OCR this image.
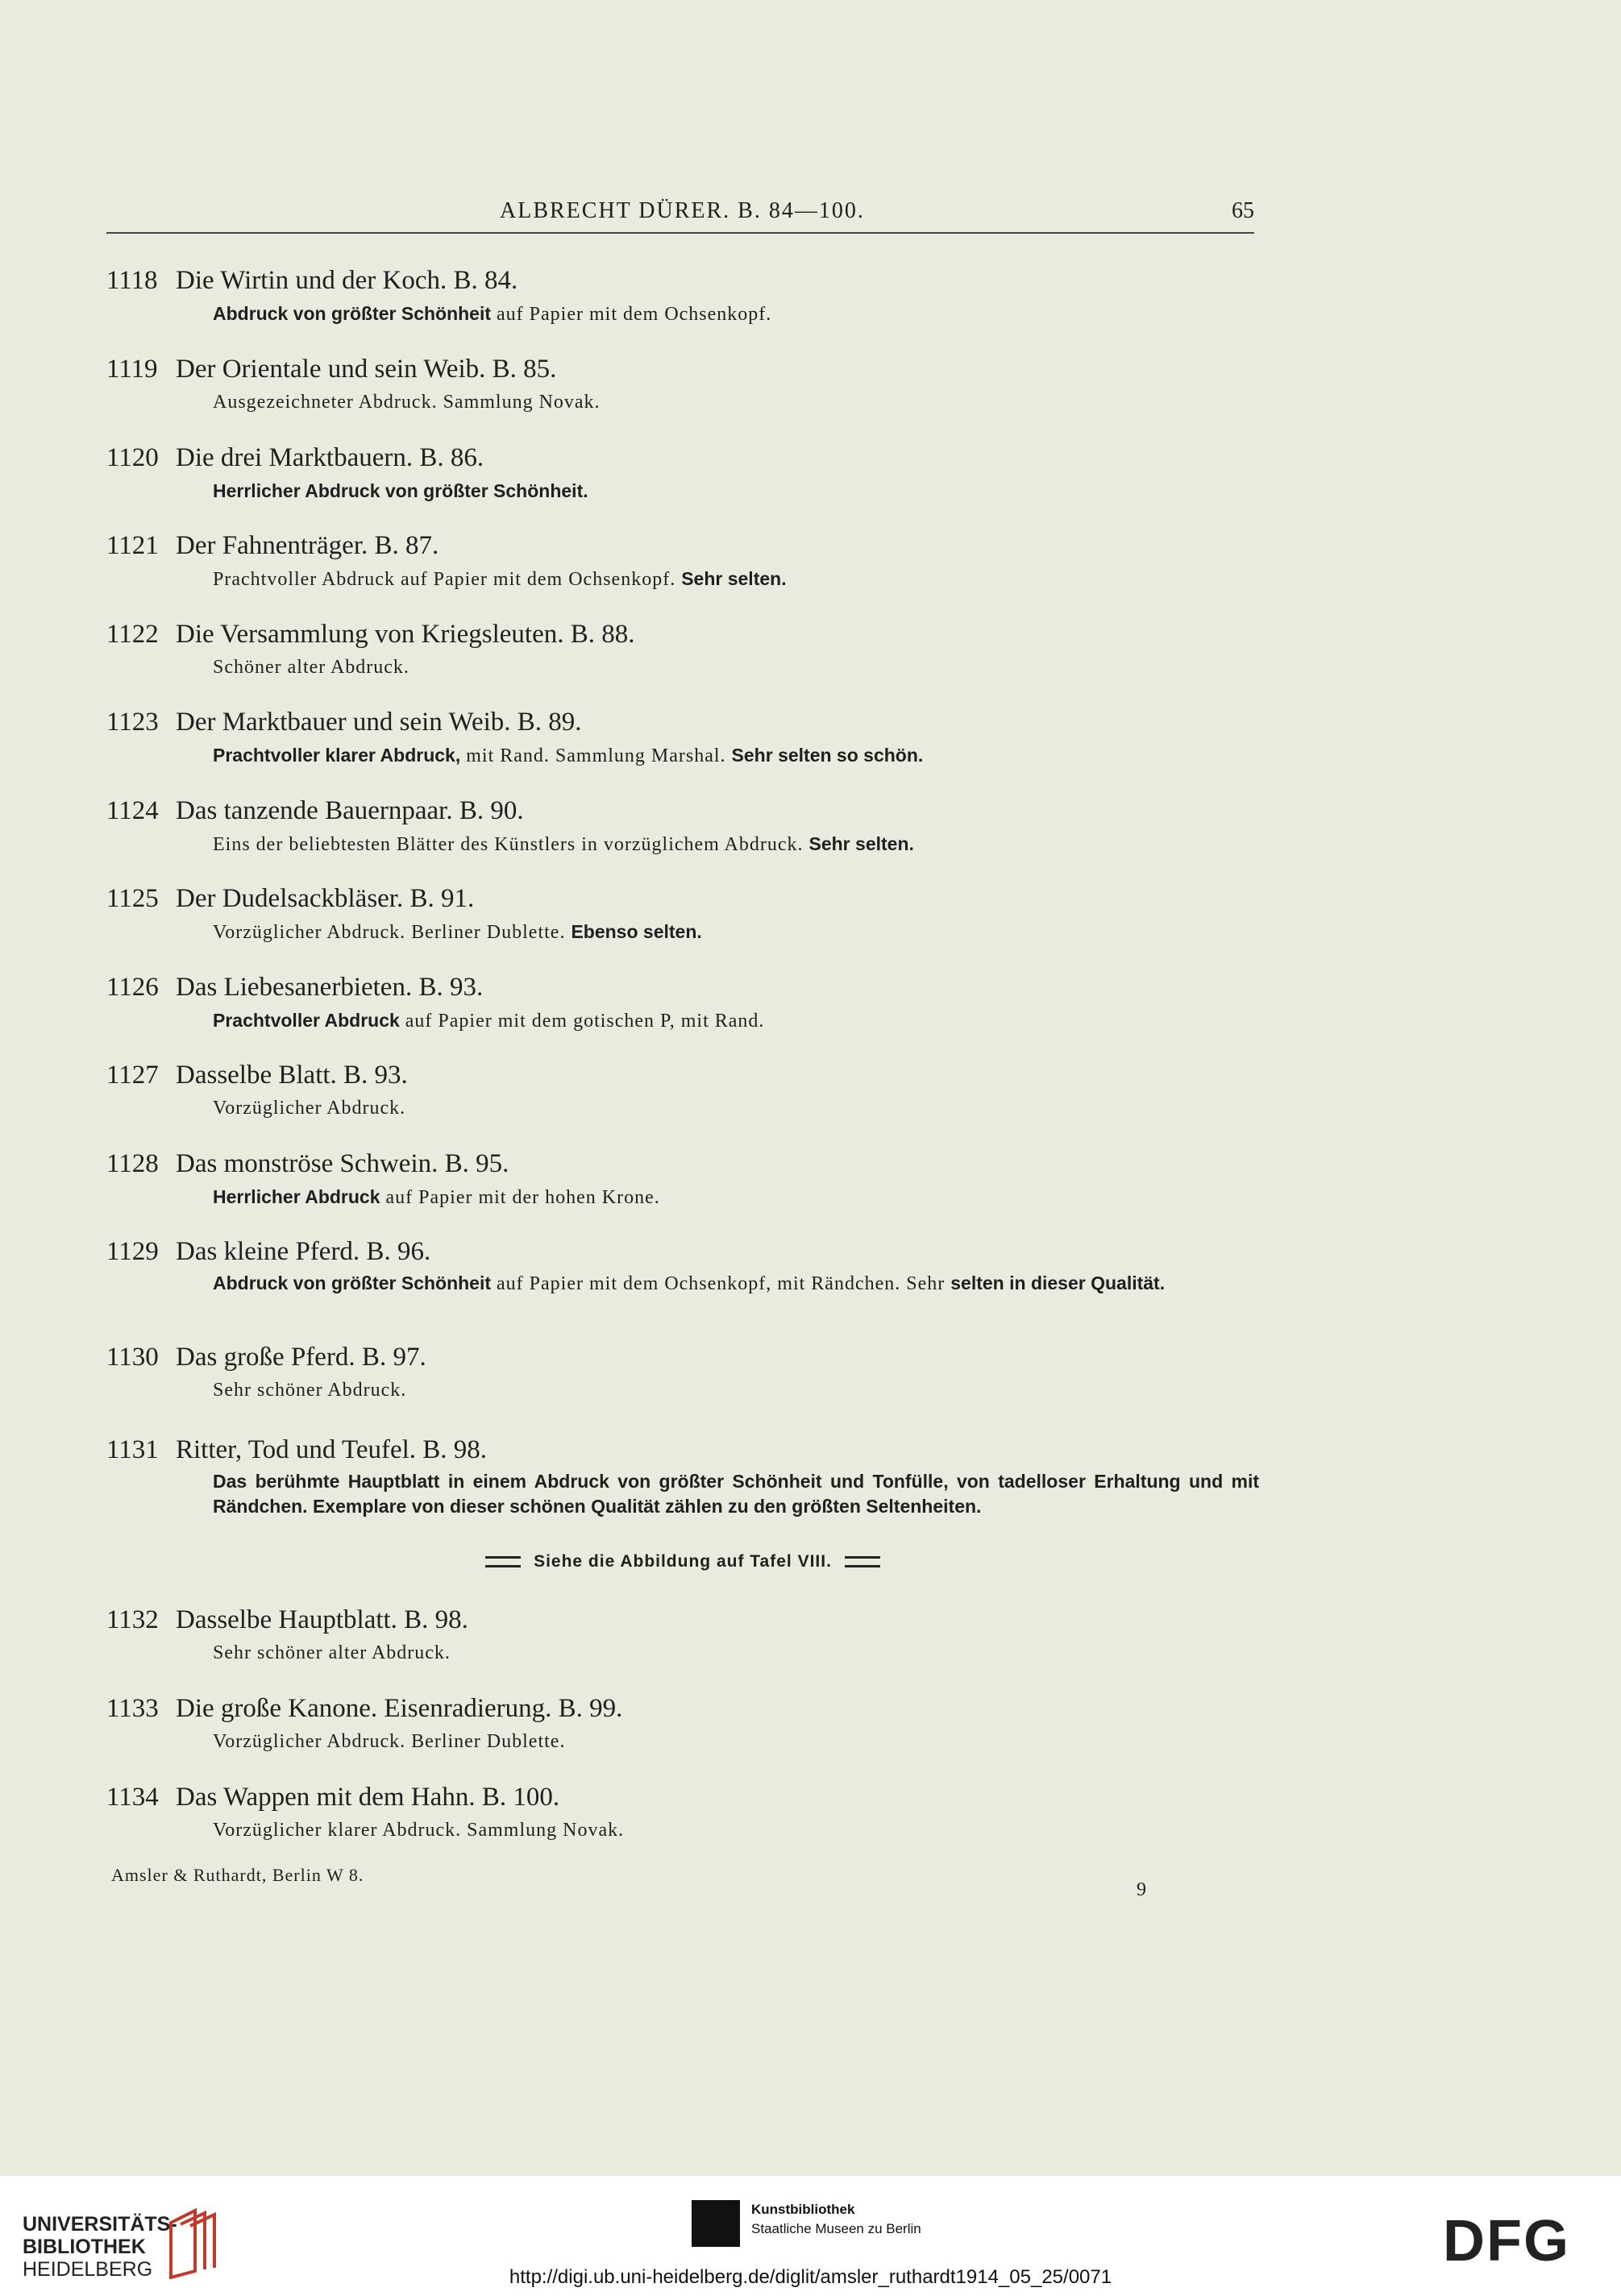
ALBRECHT DÜRER. B. 84—100.	65
1118 Die Wirtin und der Koch. B. 84.
Abdruck von größter Schönheit auf Papier mit dem Ochsenkopf.
1119 Der Orientale und sein Weib. B. 85.
Ausgezeichneter Abdruck. Sammlung Novak.
1120 Die drei Marktbauern. B. 86.
Herrlicher Abdruck von größter Schönheit.
1121 Der Fahnenträger. B. 87.
Prachtvoller Abdruck auf Papier mit dem Ochsenkopf. Sehr selten.
1122 Die Versammlung von Kriegsleuten. B. 88.
Schöner alter Abdruck.
1123 Der Marktbauer und sein Weib. B. 89.
Prachtvoller klarer Abdruck, mit Rand. Sammlung Marshal. Sehr selten so schön.
1124 Das tanzende Bauernpaar. B. 90.
Eins der beliebtesten Blätter des Künstlers in vorzüglichem Abdruck. Sehr selten.
1125 Der Dudelsackbläser. B. 91.
Vorzüglicher Abdruck. Berliner Dublette. Ebenso selten.
1126 Das Liebesanerbieten. B. 93.
Prachtvoller Abdruck auf Papier mit dem gotischen P, mit Rand.
1127 Dasselbe Blatt. B. 93.
Vorzüglicher Abdruck.
1128 Das monströse Schwein. B. 95.
Herrlicher Abdruck auf Papier mit der hohen Krone.
1129 Das kleine Pferd. B. 96.
Abdruck von größter Schönheit auf Papier mit dem Ochsenkopf, mit Rändchen. Sehr selten in dieser Qualität.
1130 Das große Pferd. B. 97.
Sehr schöner Abdruck.
1131 Ritter, Tod und Teufel. B. 98.
Das berühmte Hauptblatt in einem Abdruck von größter Schönheit und Tonfülle, von tadelloser Erhaltung und mit Rändchen. Exemplare von dieser schönen Qualität zählen zu den größten Seltenheiten.
1132 Dasselbe Hauptblatt. B. 98.
Sehr schöner alter Abdruck.
1133 Die große Kanone. Eisenradierung. B. 99.
Vorzüglicher Abdruck. Berliner Dublette.
1134 Das Wappen mit dem Hahn. B. 100.
Vorzüglicher klarer Abdruck. Sammlung Novak.
Siehe die Abbildung auf Tafel VIII.
Amsler & Ruthardt, Berlin W 8.
9
UNIVERSITÄTS-
BIBLIOTHEK
HEIDELBERG
Kunstbibliothek
Staatliche Museen zu Berlin	DFG
http://digi.ub.uni-heidelberg.de/diglit/amsler_ruthardt1914_05_25/0071
